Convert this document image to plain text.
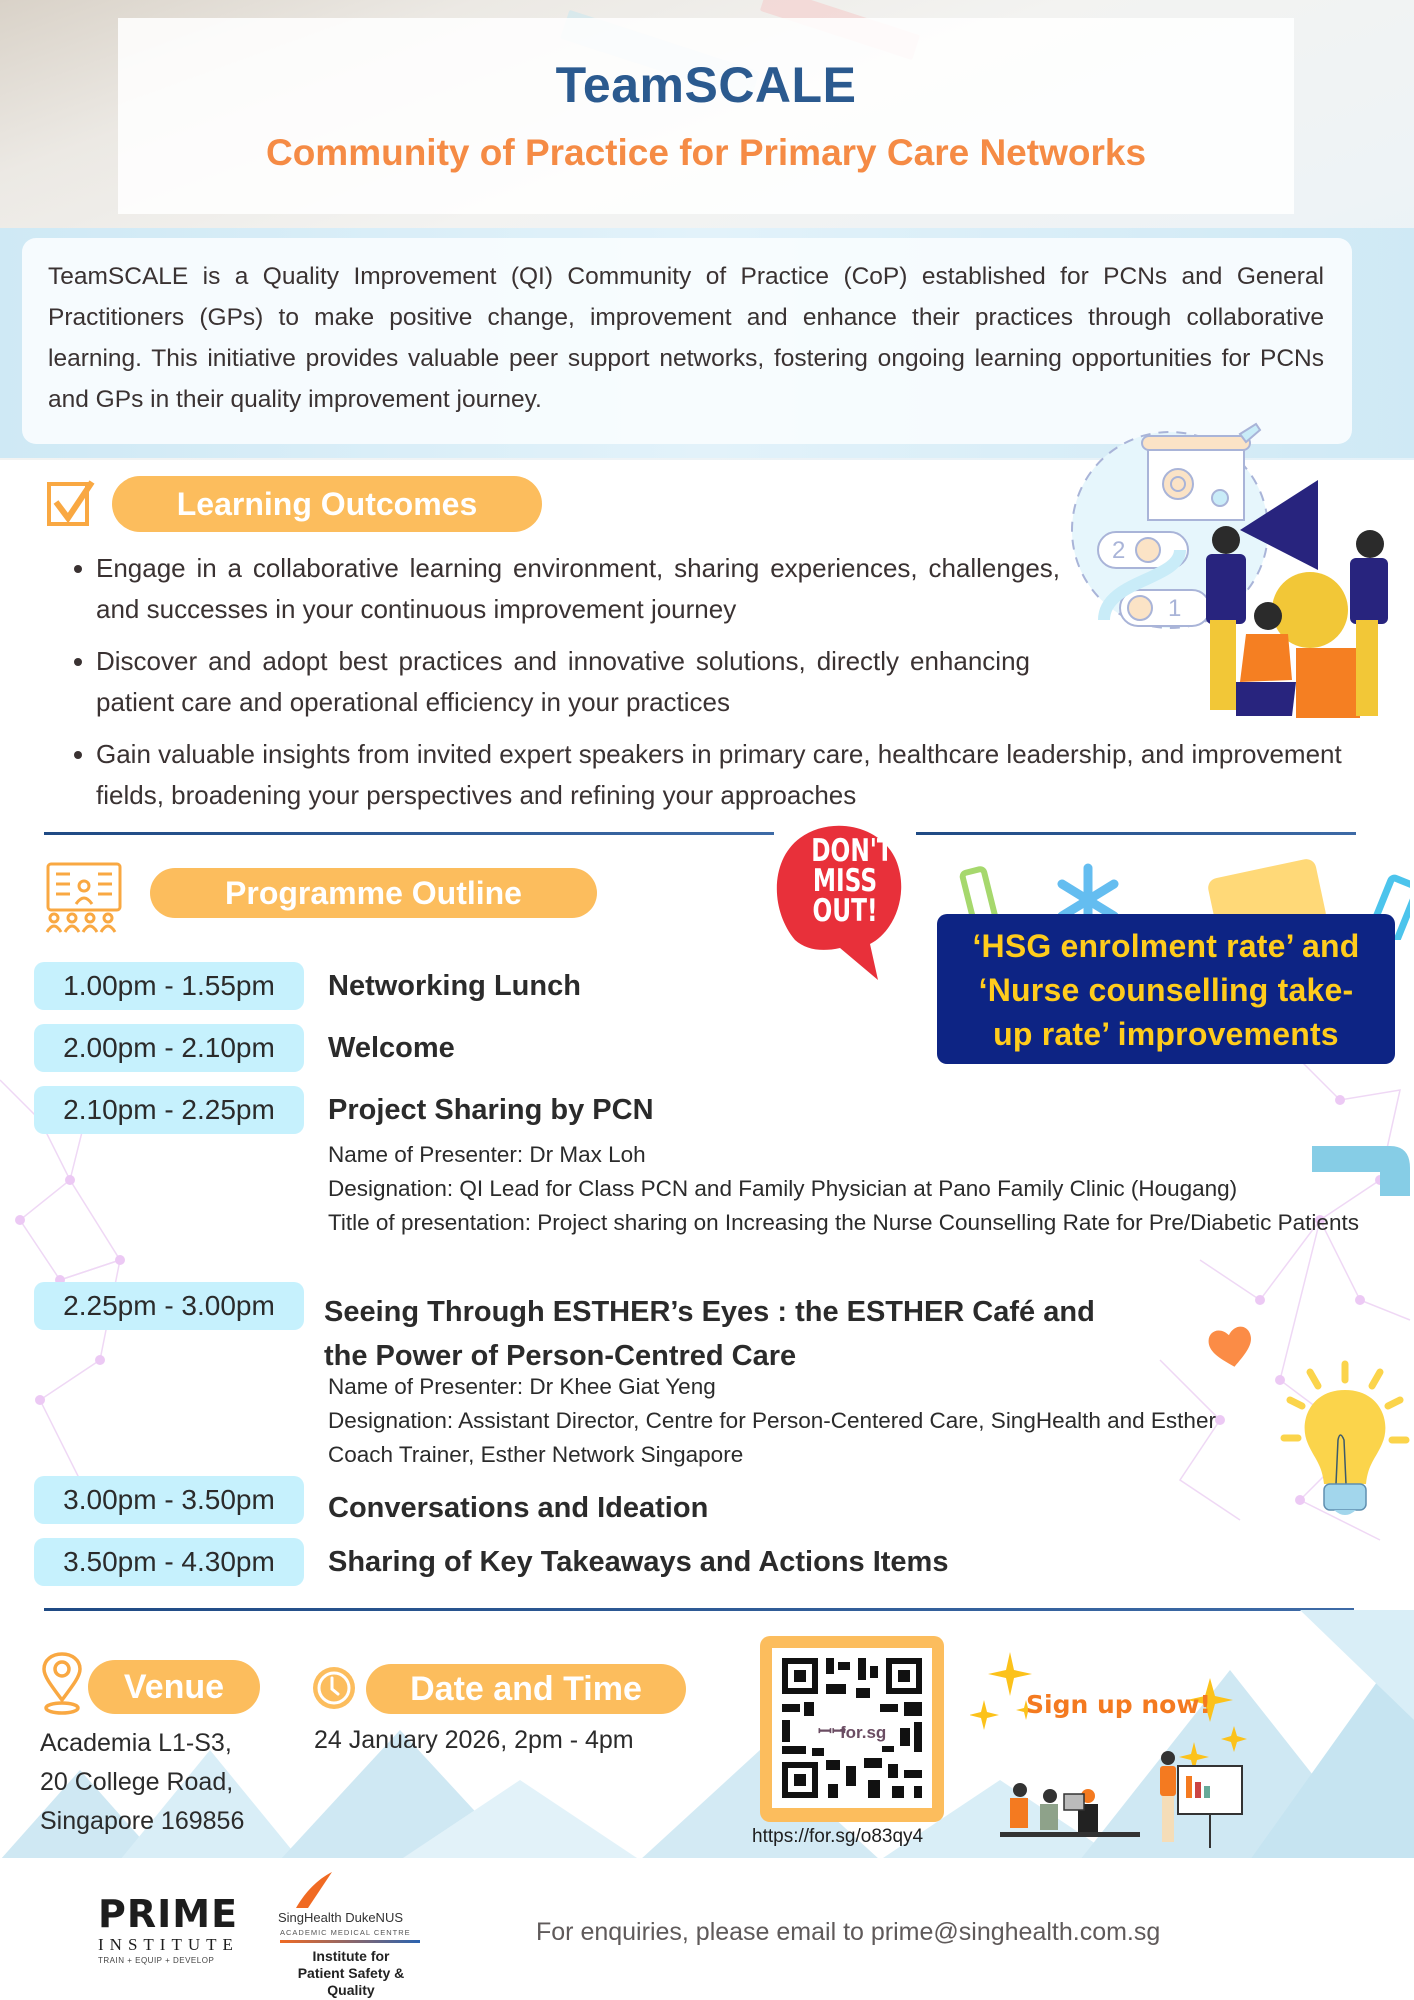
TeamSCALE
Community of Practice for Primary Care Networks

TeamSCALE is a Quality Improvement (QI) Community of Practice (CoP) established for PCNs and General Practitioners (GPs) to make positive change, improvement and enhance their practices through collaborative learning. This initiative provides valuable peer support networks, fostering ongoing learning opportunities for PCNs and GPs in their quality improvement journey.

Learning Outcomes
Engage in a collaborative learning environment, sharing experiences, challenges, and successes in your continuous improvement journey
Discover and adopt best practices and innovative solutions, directly enhancing patient care and operational efficiency in your practices
Gain valuable insights from invited expert speakers in primary care, healthcare leadership, and improvement fields, broadening your perspectives and refining your approaches
2
1
Programme Outline
DON'T
MISS
OUT!
‘HSG enrolment rate’ and
‘Nurse counselling take-
up rate’ improvements
1.00pm - 1.55pm	Networking Lunch
2.00pm - 2.10pm	Welcome
2.10pm - 2.25pm	Project Sharing by PCN
Name of Presenter: Dr Max Loh
Designation: QI Lead for Class PCN and Family Physician at Pano Family Clinic (Hougang)
Title of presentation: Project sharing on Increasing the Nurse Counselling Rate for Pre/Diabetic Patients
2.25pm - 3.00pm	Seeing Through ESTHER’s Eyes : the ESTHER Café and
the Power of Person-Centred Care
Name of Presenter: Dr Khee Giat Yeng
Designation: Assistant Director, Centre for Person-Centered Care, SingHealth and Esther Coach Trainer, Esther Network Singapore
3.00pm - 3.50pm	Conversations and Ideation
3.50pm - 4.30pm	Sharing of Key Takeaways and Actions Items
Venue
Academia L1-S3,
20 College Road,
Singapore 169856
Date and Time
24 January 2026, 2pm - 4pm	ꟷꟷ
for.sg
https://for.sg/o83qy4
Sign up now!
PRIME
INSTITUTE
TRAIN + EQUIP + DEVELOP
SingHealth DukeNUS
ACADEMIC MEDICAL CENTRE
Institute for
Patient Safety & Quality
For enquiries, please email to prime@singhealth.com.sg
